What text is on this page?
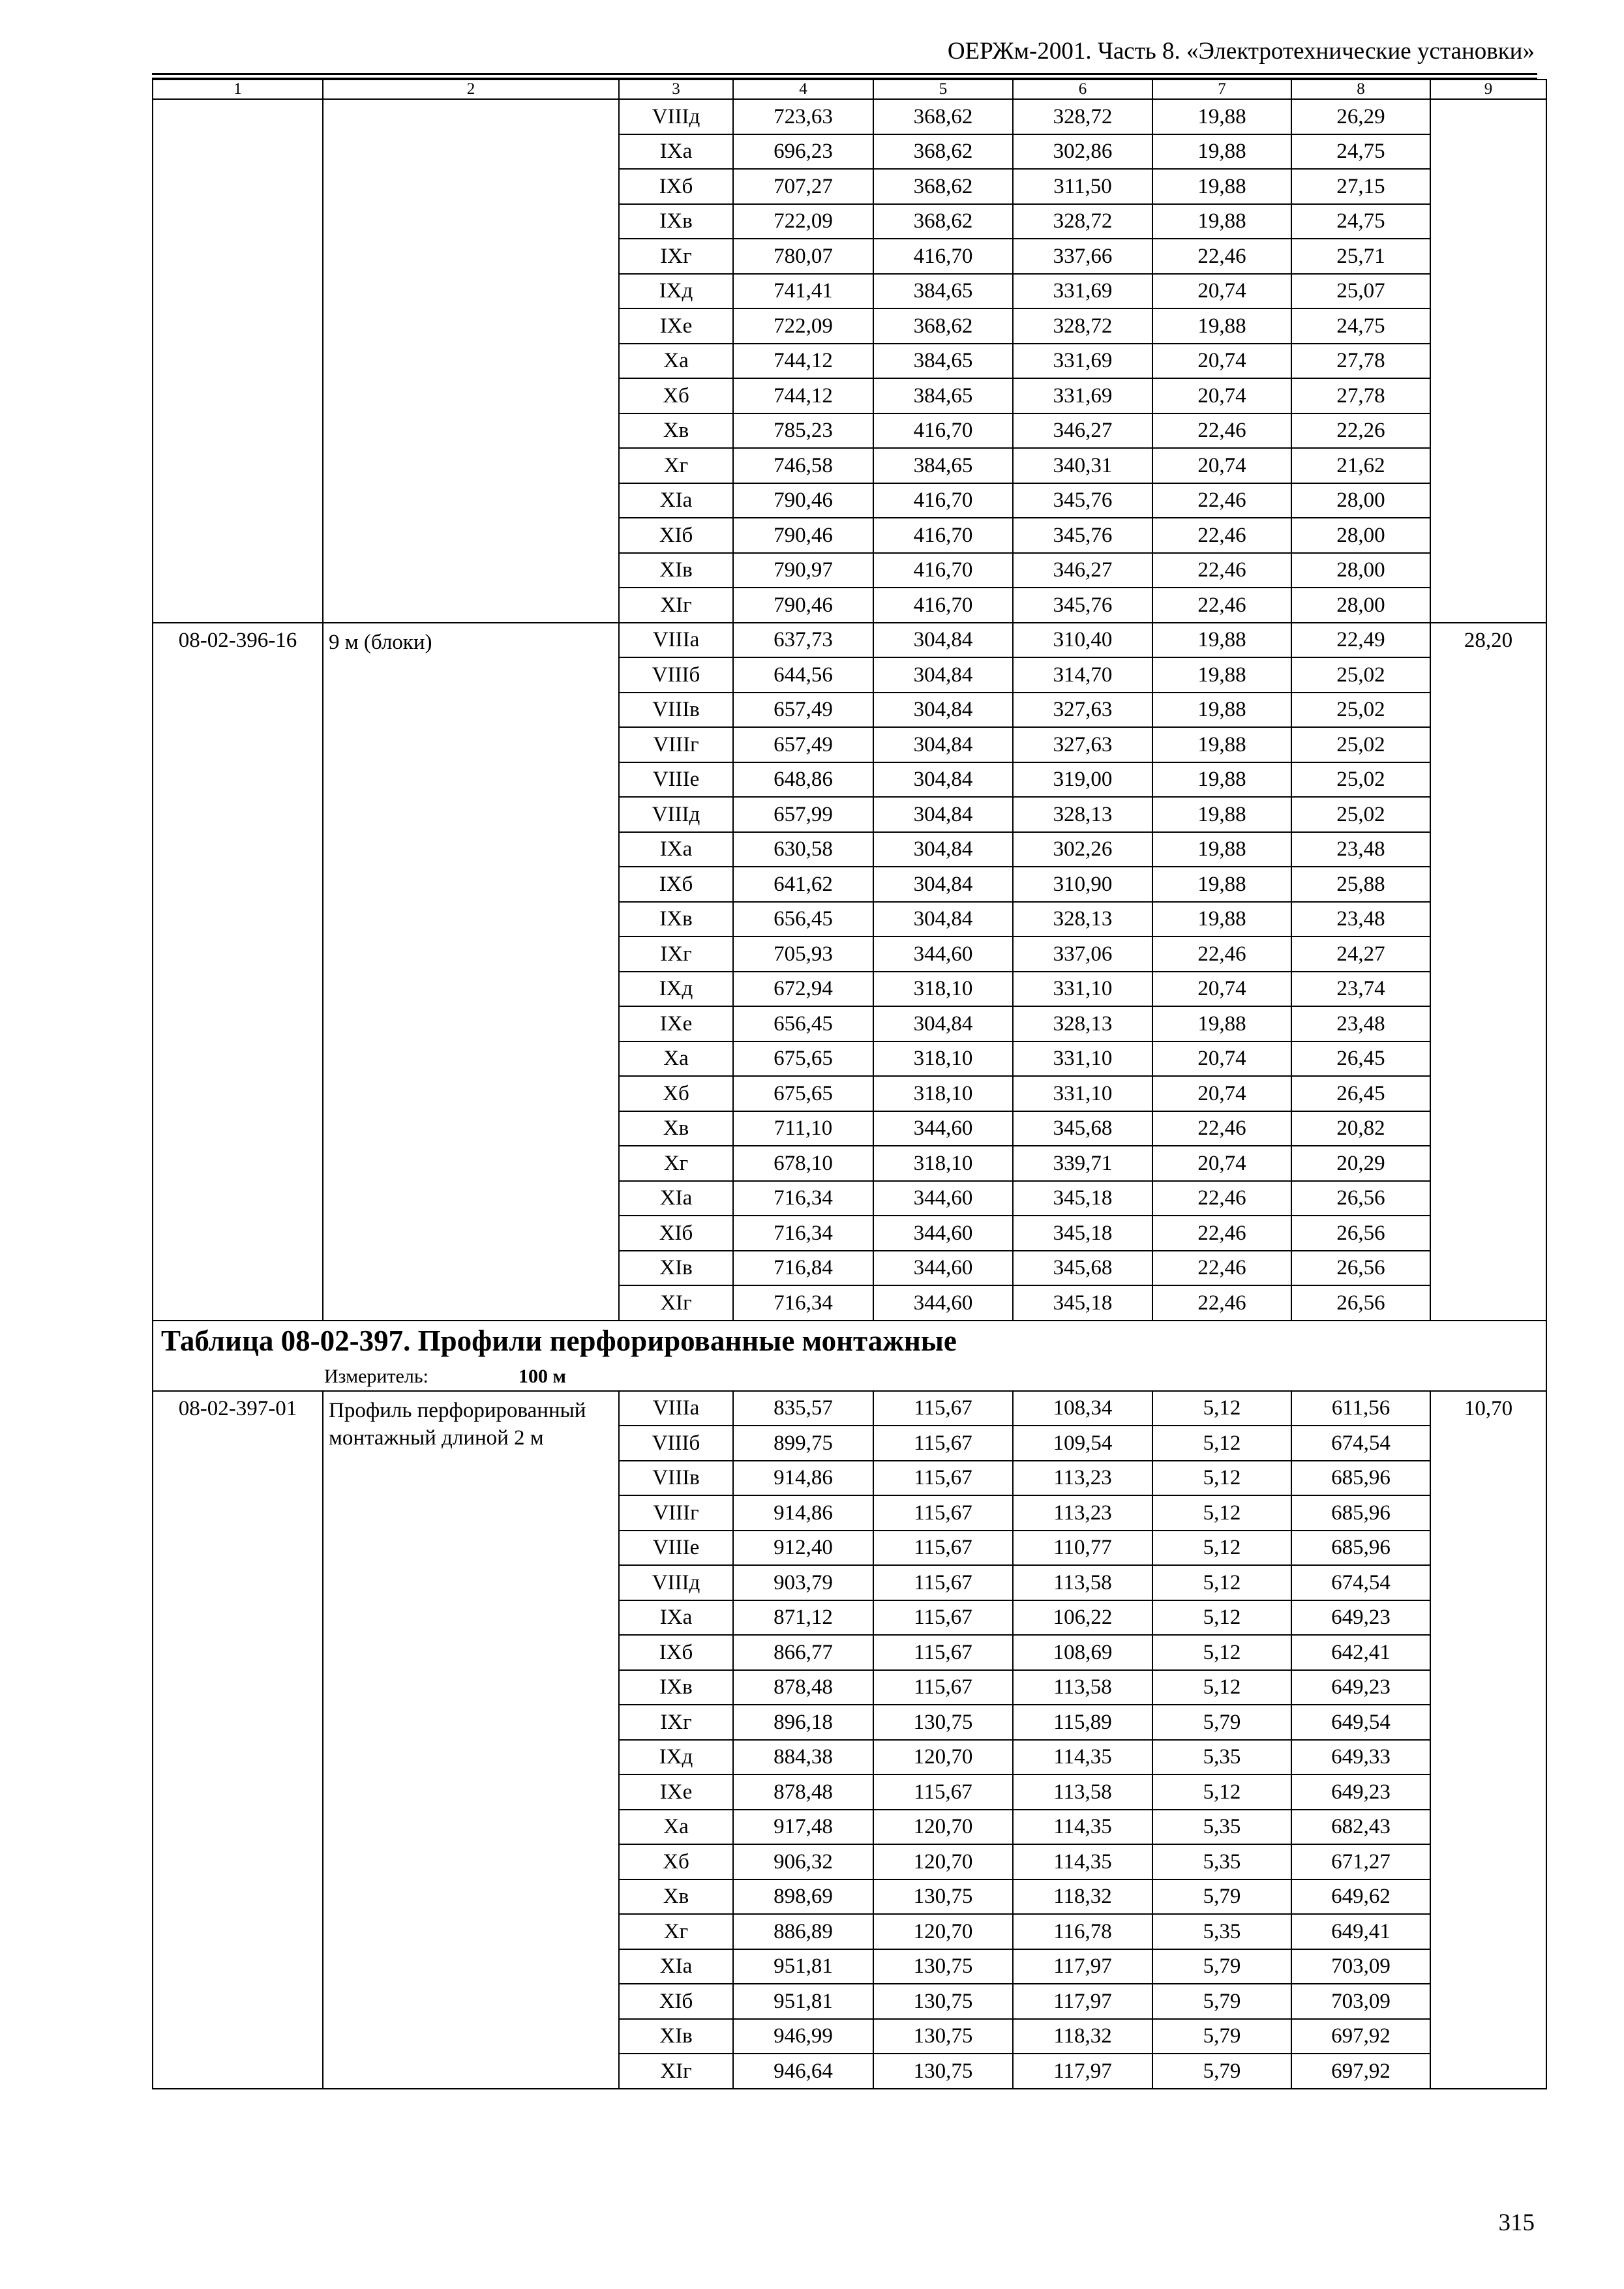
ОЕРЖм-2001. Часть 8. «Электротехнические установки»
1	2	3	4	5	6	7	8	9
		VIIIд	723,63	368,62	328,72	19,88	26,29	
		IXа	696,23	368,62	302,86	19,88	24,75	
		IXб	707,27	368,62	311,50	19,88	27,15	
		IXв	722,09	368,62	328,72	19,88	24,75	
		IXг	780,07	416,70	337,66	22,46	25,71	
		IXд	741,41	384,65	331,69	20,74	25,07	
		IXе	722,09	368,62	328,72	19,88	24,75	
		Xа	744,12	384,65	331,69	20,74	27,78	
		Xб	744,12	384,65	331,69	20,74	27,78	
		Xв	785,23	416,70	346,27	22,46	22,26	
		Xг	746,58	384,65	340,31	20,74	21,62	
		XIа	790,46	416,70	345,76	22,46	28,00	
		XIб	790,46	416,70	345,76	22,46	28,00	
		XIв	790,97	416,70	346,27	22,46	28,00	
		XIг	790,46	416,70	345,76	22,46	28,00	
08-02-396-16	9 м (блоки)	VIIIа	637,73	304,84	310,40	19,88	22,49	28,20
		VIIIб	644,56	304,84	314,70	19,88	25,02	
		VIIIв	657,49	304,84	327,63	19,88	25,02	
		VIIIг	657,49	304,84	327,63	19,88	25,02	
		VIIIе	648,86	304,84	319,00	19,88	25,02	
		VIIIд	657,99	304,84	328,13	19,88	25,02	
		IXа	630,58	304,84	302,26	19,88	23,48	
		IXб	641,62	304,84	310,90	19,88	25,88	
		IXв	656,45	304,84	328,13	19,88	23,48	
		IXг	705,93	344,60	337,06	22,46	24,27	
		IXд	672,94	318,10	331,10	20,74	23,74	
		IXе	656,45	304,84	328,13	19,88	23,48	
		Xа	675,65	318,10	331,10	20,74	26,45	
		Xб	675,65	318,10	331,10	20,74	26,45	
		Xв	711,10	344,60	345,68	22,46	20,82	
		Xг	678,10	318,10	339,71	20,74	20,29	
		XIа	716,34	344,60	345,18	22,46	26,56	
		XIб	716,34	344,60	345,18	22,46	26,56	
		XIв	716,84	344,60	345,68	22,46	26,56	
		XIг	716,34	344,60	345,18	22,46	26,56	

Таблица 08-02-397. Профили перфорированные монтажные								

Измеритель: 100 м								

08-02-397-01	Профиль перфорированный монтажный длиной 2 м	VIIIа	835,57	115,67	108,34	5,12	611,56	10,70
		VIIIб	899,75	115,67	109,54	5,12	674,54	
		VIIIв	914,86	115,67	113,23	5,12	685,96	
		VIIIг	914,86	115,67	113,23	5,12	685,96	
		VIIIе	912,40	115,67	110,77	5,12	685,96	
		VIIIд	903,79	115,67	113,58	5,12	674,54	
		IXа	871,12	115,67	106,22	5,12	649,23	
		IXб	866,77	115,67	108,69	5,12	642,41	
		IXв	878,48	115,67	113,58	5,12	649,23	
		IXг	896,18	130,75	115,89	5,79	649,54	
		IXд	884,38	120,70	114,35	5,35	649,33	
		IXе	878,48	115,67	113,58	5,12	649,23	
		Xа	917,48	120,70	114,35	5,35	682,43	
		Xб	906,32	120,70	114,35	5,35	671,27	
		Xв	898,69	130,75	118,32	5,79	649,62	
		Xг	886,89	120,70	116,78	5,35	649,41	
		XIа	951,81	130,75	117,97	5,79	703,09	
		XIб	951,81	130,75	117,97	5,79	703,09	
		XIв	946,99	130,75	118,32	5,79	697,92	
		XIг	946,64	130,75	117,97	5,79	697,92	
315
